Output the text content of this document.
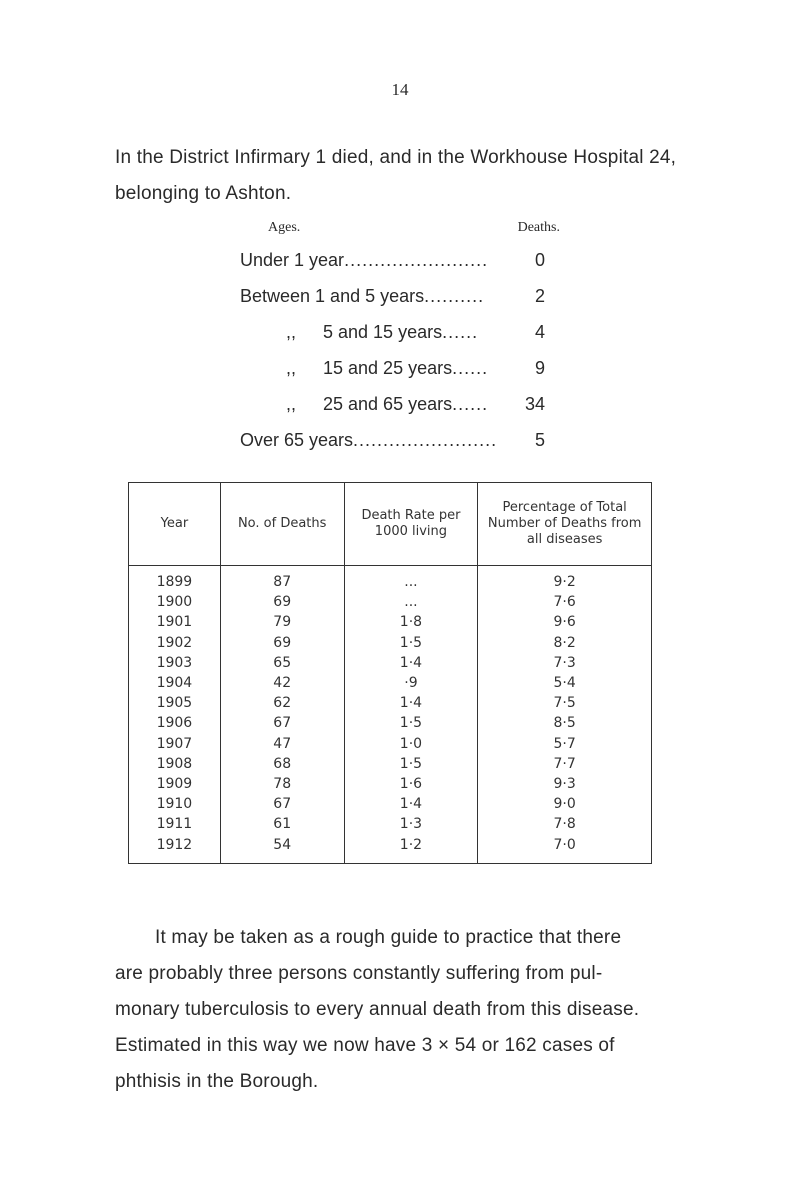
14

In the District Infirmary 1 died, and in the Workhouse Hospital 24, belonging to Ashton.

Ages.	Deaths.
Under 1 year........................	0
Between 1 and 5 years..........	2
,, 5 and 15 years......	4
,, 15 and 25 years......	9
,, 25 and 65 years...... 34
Over 65 years........................ 5
Year	No. of Deaths	Death Rate per 1000 living	Percentage of Total Number of Deaths from all diseases
1899	87	...	9·2
1900	69	...	7·6
1901	79	1·8	9·6
1902	69	1·5	8·2
1903	65	1·4	7·3
1904	42	·9	5·4
1905	62	1·4	7·5
1906	67	1·5	8·5
1907	47	1·0	5·7
1908	68	1·5	7·7
1909	78	1·6	9·3
1910	67	1·4	9·0
1911	61	1·3	7·8
1912	54	1·2	7·0
It may be taken as a rough guide to practice that there
are probably three persons constantly suffering from pul-
monary tuberculosis to every annual death from this disease.
Estimated in this way we now have 3 × 54 or 162 cases of
phthisis in the Borough.
